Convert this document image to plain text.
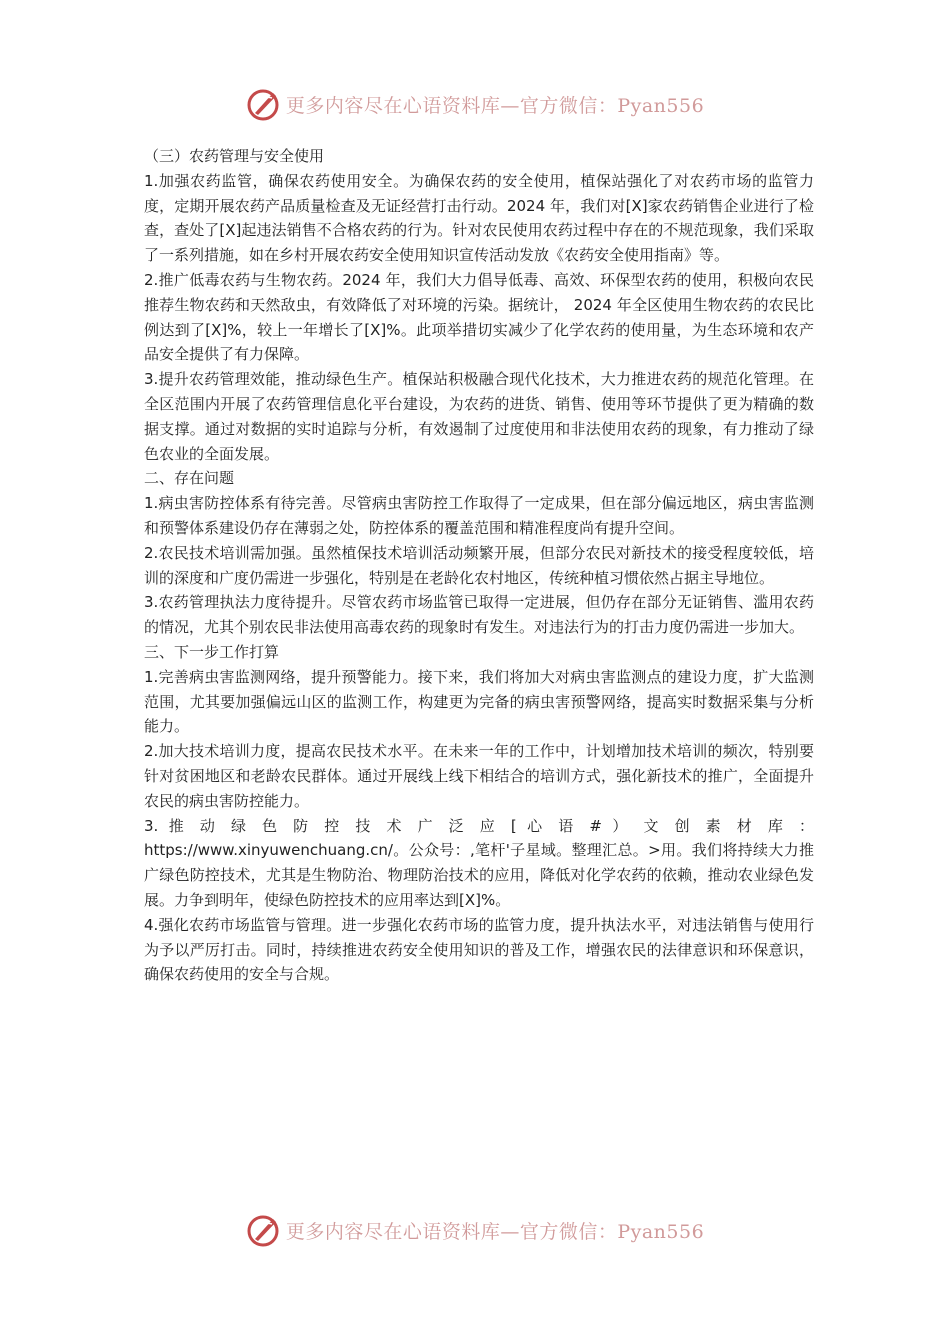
更多内容尽在心语资料库—官方微信：Pyan556

（三）农药管理与安全使用

1.加强农药监管，确保农药使用安全。为确保农药的安全使用，植保站强化了对农药市场的监管力度，定期开展农药产品质量检查及无证经营打击行动。2024 年，我们对[X]家农药销售企业进行了检查，查处了[X]起违法销售不合格农药的行为。针对农民使用农药过程中存在的不规范现象，我们采取了一系列措施，如在乡村开展农药安全使用知识宣传活动发放《农药安全使用指南》等。

2.推广低毒农药与生物农药。2024 年，我们大力倡导低毒、高效、环保型农药的使用，积极向农民推荐生物农药和天然敌虫，有效降低了对环境的污染。据统计， 2024 年全区使用生物农药的农民比例达到了[X]%，较上一年增长了[X]%。此项举措切实减少了化学农药的使用量，为生态环境和农产品安全提供了有力保障。

3.提升农药管理效能，推动绿色生产。植保站积极融合现代化技术，大力推进农药的规范化管理。在全区范围内开展了农药管理信息化平台建设，为农药的进货、销售、使用等环节提供了更为精确的数据支撑。通过对数据的实时追踪与分析，有效遏制了过度使用和非法使用农药的现象，有力推动了绿色农业的全面发展。

二、存在问题

1.病虫害防控体系有待完善。尽管病虫害防控工作取得了一定成果，但在部分偏远地区，病虫害监测和预警体系建设仍存在薄弱之处，防控体系的覆盖范围和精准程度尚有提升空间。

2.农民技术培训需加强。虽然植保技术培训活动频繁开展，但部分农民对新技术的接受程度较低，培训的深度和广度仍需进一步强化，特别是在老龄化农村地区，传统种植习惯依然占据主导地位。

3.农药管理执法力度待提升。尽管农药市场监管已取得一定进展，但仍存在部分无证销售、滥用农药的情况，尤其个别农民非法使用高毒农药的现象时有发生。对违法行为的打击力度仍需进一步加大。

三、下一步工作打算

1.完善病虫害监测网络，提升预警能力。接下来，我们将加大对病虫害监测点的建设力度，扩大监测范围，尤其要加强偏远山区的监测工作，构建更为完备的病虫害预警网络，提高实时数据采集与分析能力。

2.加大技术培训力度，提高农民技术水平。在未来一年的工作中，计划增加技术培训的频次，特别要针对贫困地区和老龄农民群体。通过开展线上线下相结合的培训方式，强化新技术的推广，全面提升农民的病虫害防控能力。

3. 推 动 绿 色 防 控 技 术 广 泛 应 [ 心 语 # ） 文 创 素 材 库 ： https://www.xinyuwenchuang.cn/。公众号：,笔杆'子星域。整理汇总。>用。我们将持续大力推广绿色防控技术，尤其是生物防治、物理防治技术的应用，降低对化学农药的依赖，推动农业绿色发展。力争到明年，使绿色防控技术的应用率达到[X]%。

4.强化农药市场监管与管理。进一步强化农药市场的监管力度，提升执法水平，对违法销售与使用行为予以严厉打击。同时，持续推进农药安全使用知识的普及工作，增强农民的法律意识和环保意识，确保农药使用的安全与合规。

更多内容尽在心语资料库—官方微信：Pyan556
